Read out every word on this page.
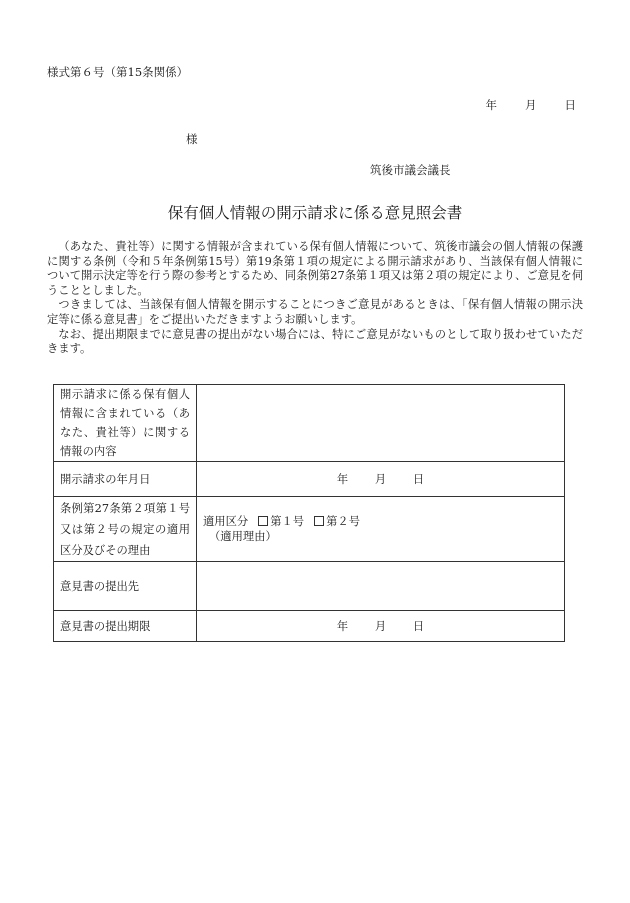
様式第６号（第15条関係）
年 月 日
様
筑後市議会議長
保有個人情報の開示請求に係る意見照会書

（あなた、貴社等）に関する情報が含まれている保有個人情報について、筑後市議会の個人情報の保護に関する条例（令和５年条例第15号）第19条第１項の規定による開示請求があり、当該保有個人情報について開示決定等を行う際の参考とするため、同条例第27条第１項又は第２項の規定により、ご意見を伺うこととしました。

つきましては、当該保有個人情報を開示することにつきご意見があるときは、「保有個人情報の開示決定等に係る意見書」をご提出いただきますようお願いします。

なお、提出期限までに意見書の提出がない場合には、特にご意見がないものとして取り扱わせていただきます。

開示請求に係る保有個人情報に含まれている（あなた、貴社等）に関する情報の内容	
開示請求の年月日	年 月 日
条例第27条第２項第１号又は第２号の規定の適用区分及びその理由	適用区分 第１号 第２号
（適用理由）

意見書の提出先	
意見書の提出期限	年 月 日
